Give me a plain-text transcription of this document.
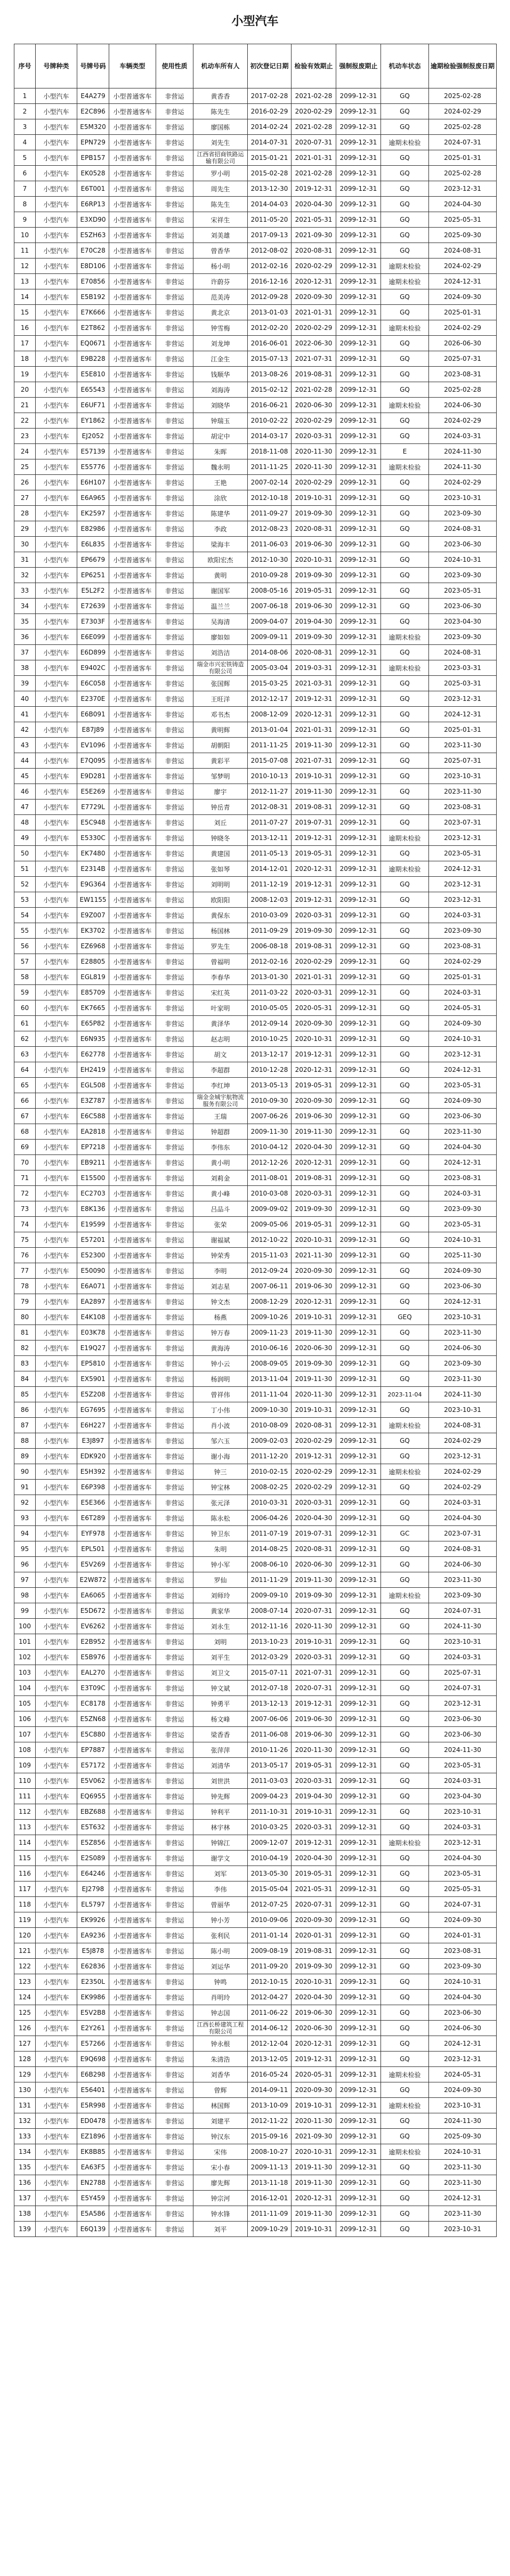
小型汽车
序号	号牌种类	号牌号码	车辆类型	使用性质	机动车所有人	初次登记日期	检验有效期止	强制报废期止	机动车状态	逾期检验强制报废日期
1	小型汽车	E4A279	小型普通客车	非营运	黄香香	2017-02-28	2021-02-28	2099-12-31	GQ	2025-02-28
2	小型汽车	E2C896	小型普通客车	非营运	陈先生	2016-02-29	2020-02-29	2099-12-31	GQ	2024-02-29
3	小型汽车	E5M320	小型普通客车	非营运	廖国栋	2014-02-24	2021-02-28	2099-12-31	GQ	2025-02-28
4	小型汽车	EPN729	小型普通客车	非营运	刘先生	2014-07-31	2020-07-31	2099-12-31	逾期未检验	2024-07-31
5	小型汽车	EPB157	小型普通客车	非营运	江西省招商铁路运输有限公司	2015-01-21	2021-01-31	2099-12-31	GQ	2025-01-31
6	小型汽车	EK0528	小型普通客车	非营运	罗小明	2015-02-28	2021-02-28	2099-12-31	GQ	2025-02-28
7	小型汽车	E6T001	小型普通客车	非营运	周先生	2013-12-30	2019-12-31	2099-12-31	GQ	2023-12-31
8	小型汽车	E6RP13	小型普通客车	非营运	陈先生	2014-04-03	2020-04-30	2099-12-31	GQ	2024-04-30
9	小型汽车	E3XD90	小型普通客车	非营运	宋祥生	2011-05-20	2021-05-31	2099-12-31	GQ	2025-05-31
10	小型汽车	E5ZH63	小型普通客车	非营运	刘美雄	2017-09-13	2021-09-30	2099-12-31	GQ	2025-09-30
11	小型汽车	E70C28	小型普通客车	非营运	曾香华	2012-08-02	2020-08-31	2099-12-31	GQ	2024-08-31
12	小型汽车	E8D106	小型普通客车	非营运	杨小明	2012-02-16	2020-02-29	2099-12-31	逾期未检验	2024-02-29
13	小型汽车	E70856	小型普通客车	非营运	许蔚芬	2016-12-16	2020-12-31	2099-12-31	逾期未检验	2024-12-31
14	小型汽车	E5B192	小型普通客车	非营运	范美涛	2012-09-28	2020-09-30	2099-12-31	GQ	2024-09-30
15	小型汽车	E7K666	小型普通客车	非营运	黄北京	2013-01-03	2021-01-31	2099-12-31	GQ	2025-01-31
16	小型汽车	E2T862	小型普通客车	非营运	钟雪梅	2012-02-20	2020-02-29	2099-12-31	逾期未检验	2024-02-29
17	小型汽车	EQ0671	小型普通客车	非营运	刘龙坤	2016-06-01	2022-06-30	2099-12-31	GQ	2026-06-30
18	小型汽车	E9B228	小型普通客车	非营运	江金生	2015-07-13	2021-07-31	2099-12-31	GQ	2025-07-31
19	小型汽车	E5E810	小型普通客车	非营运	钱顺华	2013-08-26	2019-08-31	2099-12-31	GQ	2023-08-31
20	小型汽车	E65543	小型普通客车	非营运	刘海涛	2015-02-12	2021-02-28	2099-12-31	GQ	2025-02-28
21	小型汽车	E6UF71	小型普通客车	非营运	刘晓华	2016-06-21	2020-06-30	2099-12-31	逾期未检验	2024-06-30
22	小型汽车	EY1862	小型普通客车	非营运	钟瑞玉	2010-02-22	2020-02-29	2099-12-31	GQ	2024-02-29
23	小型汽车	EJ2052	小型普通客车	非营运	胡定中	2014-03-17	2020-03-31	2099-12-31	GQ	2024-03-31
24	小型汽车	E57139	小型普通客车	非营运	朱晖	2018-11-08	2020-11-30	2099-12-31	E	2024-11-30
25	小型汽车	E55776	小型普通客车	非营运	魏永明	2011-11-25	2020-11-30	2099-12-31	逾期未检验	2024-11-30
26	小型汽车	E6H107	小型普通客车	非营运	王艳	2007-02-14	2020-02-29	2099-12-31	GQ	2024-02-29
27	小型汽车	E6A965	小型普通客车	非营运	涂欣	2012-10-18	2019-10-31	2099-12-31	GQ	2023-10-31
28	小型汽车	EK2597	小型普通客车	非营运	陈建华	2011-09-27	2019-09-30	2099-12-31	GQ	2023-09-30
29	小型汽车	E82986	小型普通客车	非营运	李政	2012-08-23	2020-08-31	2099-12-31	GQ	2024-08-31
30	小型汽车	E6L835	小型普通客车	非营运	梁海丰	2011-06-03	2019-06-30	2099-12-31	GQ	2023-06-30
31	小型汽车	EP6679	小型普通客车	非营运	欧阳宏杰	2012-10-30	2020-10-31	2099-12-31	GQ	2024-10-31
32	小型汽车	EP6251	小型普通客车	非营运	黄明	2010-09-28	2019-09-30	2099-12-31	GQ	2023-09-30
33	小型汽车	E5L2F2	小型普通客车	非营运	谢国军	2008-05-16	2019-05-31	2099-12-31	GQ	2023-05-31
34	小型汽车	E72639	小型普通客车	非营运	温兰兰	2007-06-18	2019-06-30	2099-12-31	GQ	2023-06-30
35	小型汽车	E7303F	小型普通客车	非营运	吴海清	2009-04-07	2019-04-30	2099-12-31	GQ	2023-04-30
36	小型汽车	E6E099	小型普通客车	非营运	廖如如	2009-09-11	2019-09-30	2099-12-31	逾期未检验	2023-09-30
37	小型汽车	E6D899	小型普通客车	非营运	刘浩洁	2014-08-06	2020-08-31	2099-12-31	GQ	2024-08-31
38	小型汽车	E9402C	小型普通客车	非营运	瑞金市兴宏铁铸造有限公司	2005-03-04	2019-03-31	2099-12-31	逾期未检验	2023-03-31
39	小型汽车	E6C058	小型普通客车	非营运	张国辉	2015-03-25	2021-03-31	2099-12-31	GQ	2025-03-31
40	小型汽车	E2370E	小型普通客车	非营运	王旺洋	2012-12-17	2019-12-31	2099-12-31	GQ	2023-12-31
41	小型汽车	E6B091	小型普通客车	非营运	邓书杰	2008-12-09	2020-12-31	2099-12-31	GQ	2024-12-31
42	小型汽车	E87J89	小型普通客车	非营运	黄明辉	2013-01-04	2021-01-31	2099-12-31	GQ	2025-01-31
43	小型汽车	EV1096	小型普通客车	非营运	胡朝阳	2011-11-25	2019-11-30	2099-12-31	GQ	2023-11-30
44	小型汽车	E7Q095	小型普通客车	非营运	黄彩平	2015-07-08	2021-07-31	2099-12-31	GQ	2025-07-31
45	小型汽车	E9D281	小型普通客车	非营运	邹梦明	2010-10-13	2019-10-31	2099-12-31	GQ	2023-10-31
46	小型汽车	E5E269	小型普通客车	非营运	廖宇	2012-11-27	2019-11-30	2099-12-31	GQ	2023-11-30
47	小型汽车	E7729L	小型普通客车	非营运	钟岳青	2012-08-31	2019-08-31	2099-12-31	GQ	2023-08-31
48	小型汽车	E5C948	小型普通客车	非营运	刘丘	2011-07-27	2019-07-31	2099-12-31	GQ	2023-07-31
49	小型汽车	E5330C	小型普通客车	非营运	钟晓冬	2013-12-11	2019-12-31	2099-12-31	逾期未检验	2023-12-31
50	小型汽车	EK7480	小型普通客车	非营运	黄建国	2011-05-13	2019-05-31	2099-12-31	GQ	2023-05-31
51	小型汽车	E2314B	小型普通客车	非营运	张如琴	2014-12-01	2020-12-31	2099-12-31	逾期未检验	2024-12-31
52	小型汽车	E9G364	小型普通客车	非营运	刘明明	2011-12-19	2019-12-31	2099-12-31	GQ	2023-12-31
53	小型汽车	EW1155	小型普通客车	非营运	欧阳阳	2008-12-03	2019-12-31	2099-12-31	GQ	2023-12-31
54	小型汽车	E9Z007	小型普通客车	非营运	黄保东	2010-03-09	2020-03-31	2099-12-31	GQ	2024-03-31
55	小型汽车	EK3702	小型普通客车	非营运	杨国林	2011-09-29	2019-09-30	2099-12-31	GQ	2023-09-30
56	小型汽车	EZ6968	小型普通客车	非营运	罗先生	2006-08-18	2019-08-31	2099-12-31	GQ	2023-08-31
57	小型汽车	E28805	小型普通客车	非营运	曾福明	2012-02-16	2020-02-29	2099-12-31	GQ	2024-02-29
58	小型汽车	EGL819	小型普通客车	非营运	李春华	2013-01-30	2021-01-31	2099-12-31	GQ	2025-01-31
59	小型汽车	E85709	小型普通客车	非营运	宋红英	2011-03-22	2020-03-31	2099-12-31	GQ	2024-03-31
60	小型汽车	EK7665	小型普通客车	非营运	叶家明	2010-05-05	2020-05-31	2099-12-31	GQ	2024-05-31
61	小型汽车	E65P82	小型普通客车	非营运	黄泽华	2012-09-14	2020-09-30	2099-12-31	GQ	2024-09-30
62	小型汽车	E6N935	小型普通客车	非营运	赵志明	2010-10-25	2020-10-31	2099-12-31	GQ	2024-10-31
63	小型汽车	E62778	小型普通客车	非营运	胡文	2013-12-17	2019-12-31	2099-12-31	GQ	2023-12-31
64	小型汽车	EH2419	小型普通客车	非营运	李超群	2010-12-28	2020-12-31	2099-12-31	GQ	2024-12-31
65	小型汽车	EGL508	小型普通客车	非营运	李红坤	2013-05-13	2019-05-31	2099-12-31	GQ	2023-05-31
66	小型汽车	E3Z787	小型普通客车	非营运	瑞金金城宇航物流服务有限公司	2010-09-30	2020-09-30	2099-12-31	GQ	2024-09-30
67	小型汽车	E6C588	小型普通客车	非营运	王瑞	2007-06-26	2019-06-30	2099-12-31	GQ	2023-06-30
68	小型汽车	EA2818	小型普通客车	非营运	钟超群	2009-11-30	2019-11-30	2099-12-31	GQ	2023-11-30
69	小型汽车	EP7218	小型普通客车	非营运	李伟东	2010-04-12	2020-04-30	2099-12-31	GQ	2024-04-30
70	小型汽车	EB9211	小型普通客车	非营运	黄小明	2012-12-26	2020-12-31	2099-12-31	GQ	2024-12-31
71	小型汽车	E15500	小型普通客车	非营运	刘莉金	2011-08-01	2019-08-31	2099-12-31	GQ	2023-08-31
72	小型汽车	EC2703	小型普通客车	非营运	黄小峰	2010-03-08	2020-03-31	2099-12-31	GQ	2024-03-31
73	小型汽车	E8K136	小型普通客车	非营运	吕品斗	2009-09-02	2019-09-30	2099-12-31	GQ	2023-09-30
74	小型汽车	E19599	小型普通客车	非营运	张荣	2009-05-06	2019-05-31	2099-12-31	GQ	2023-05-31
75	小型汽车	E57201	小型普通客车	非营运	谢福斌	2012-10-22	2020-10-31	2099-12-31	GQ	2024-10-31
76	小型汽车	E52300	小型普通客车	非营运	钟荣秀	2015-11-03	2021-11-30	2099-12-31	GQ	2025-11-30
77	小型汽车	E50090	小型普通客车	非营运	李明	2012-09-24	2020-09-30	2099-12-31	GQ	2024-09-30
78	小型汽车	E6A071	小型普通客车	非营运	刘志星	2007-06-11	2019-06-30	2099-12-31	GQ	2023-06-30
79	小型汽车	EA2897	小型普通客车	非营运	钟文杰	2008-12-29	2020-12-31	2099-12-31	GQ	2024-12-31
80	小型汽车	E4K108	小型普通客车	非营运	杨燕	2009-10-26	2019-10-31	2099-12-31	GEQ	2023-10-31
81	小型汽车	E03K78	小型普通客车	非营运	钟万春	2009-11-23	2019-11-30	2099-12-31	GQ	2023-11-30
82	小型汽车	E19Q27	小型普通客车	非营运	黄海涛	2010-06-16	2020-06-30	2099-12-31	GQ	2024-06-30
83	小型汽车	EP5810	小型普通客车	非营运	钟小云	2008-09-05	2019-09-30	2099-12-31	GQ	2023-09-30
84	小型汽车	EX5901	小型普通客车	非营运	杨润明	2013-11-04	2019-11-30	2099-12-31	GQ	2023-11-30
85	小型汽车	E5Z208	小型普通客车	非营运	曾祥伟	2011-11-04	2020-11-30	2099-12-31	2023-11-04	2024-11-30
86	小型汽车	EG7695	小型普通客车	非营运	丁小伟	2009-10-30	2019-10-31	2099-12-31	GQ	2023-10-31
87	小型汽车	E6H227	小型普通客车	非营运	肖小波	2010-08-09	2020-08-31	2099-12-31	逾期未检验	2024-08-31
88	小型汽车	E3J897	小型普通客车	非营运	邹六玉	2009-02-03	2020-02-29	2099-12-31	GQ	2024-02-29
89	小型汽车	EDK920	小型普通客车	非营运	谢小海	2011-12-20	2019-12-31	2099-12-31	GQ	2023-12-31
90	小型汽车	E5H392	小型普通客车	非营运	钟三	2010-02-15	2020-02-29	2099-12-31	逾期未检验	2024-02-29
91	小型汽车	E6P398	小型普通客车	非营运	钟宝林	2008-02-25	2020-02-29	2099-12-31	GQ	2024-02-29
92	小型汽车	E5E366	小型普通客车	非营运	张元泽	2010-03-31	2020-03-31	2099-12-31	GQ	2024-03-31
93	小型汽车	E6T289	小型普通客车	非营运	陈永松	2006-04-26	2020-04-30	2099-12-31	GQ	2024-04-30
94	小型汽车	EYF978	小型普通客车	非营运	钟卫东	2011-07-19	2019-07-31	2099-12-31	GC	2023-07-31
95	小型汽车	EPL501	小型普通客车	非营运	朱明	2014-08-25	2020-08-31	2099-12-31	GQ	2024-08-31
96	小型汽车	E5V269	小型普通客车	非营运	钟小军	2008-06-10	2020-06-30	2099-12-31	GQ	2024-06-30
97	小型汽车	E2W872	小型普通客车	非营运	罗仙	2011-11-29	2019-11-30	2099-12-31	GQ	2023-11-30
98	小型汽车	EA6065	小型普通客车	非营运	刘师玲	2009-09-10	2019-09-30	2099-12-31	逾期未检验	2023-09-30
99	小型汽车	E5D672	小型普通客车	非营运	黄家华	2008-07-14	2020-07-31	2099-12-31	GQ	2024-07-31
100	小型汽车	EV6262	小型普通客车	非营运	刘永生	2012-11-16	2020-11-30	2099-12-31	GQ	2024-11-30
101	小型汽车	E2B952	小型普通客车	非营运	刘明	2013-10-23	2019-10-31	2099-12-31	GQ	2023-10-31
102	小型汽车	E5B976	小型普通客车	非营运	刘平生	2012-03-29	2020-03-31	2099-12-31	GQ	2024-03-31
103	小型汽车	EAL270	小型普通客车	非营运	刘卫文	2015-07-11	2021-07-31	2099-12-31	GQ	2025-07-31
104	小型汽车	E3T09C	小型普通客车	非营运	钟文斌	2012-07-18	2020-07-31	2099-12-31	GQ	2024-07-31
105	小型汽车	EC8178	小型普通客车	非营运	钟勇平	2013-12-13	2019-12-31	2099-12-31	GQ	2023-12-31
106	小型汽车	E5ZN68	小型普通客车	非营运	杨文峰	2007-06-06	2019-06-30	2099-12-31	GQ	2023-06-30
107	小型汽车	E5C880	小型普通客车	非营运	梁香香	2011-06-08	2019-06-30	2099-12-31	GQ	2023-06-30
108	小型汽车	EP7887	小型普通客车	非营运	张萍萍	2010-11-26	2020-11-30	2099-12-31	GQ	2024-11-30
109	小型汽车	E57172	小型普通客车	非营运	刘清华	2013-05-17	2019-05-31	2099-12-31	GQ	2023-05-31
110	小型汽车	E5V062	小型普通客车	非营运	刘世洪	2011-03-03	2020-03-31	2099-12-31	GQ	2024-03-31
111	小型汽车	EQ6955	小型普通客车	非营运	钟先辉	2009-04-23	2019-04-30	2099-12-31	GQ	2023-04-30
112	小型汽车	EBZ688	小型普通客车	非营运	钟利平	2011-10-31	2019-10-31	2099-12-31	GQ	2023-10-31
113	小型汽车	E5T632	小型普通客车	非营运	林宇林	2010-03-25	2020-03-31	2099-12-31	GQ	2024-03-31
114	小型汽车	E5Z856	小型普通客车	非营运	钟锦江	2009-12-07	2019-12-31	2099-12-31	逾期未检验	2023-12-31
115	小型汽车	E2S089	小型普通客车	非营运	谢学文	2010-04-19	2020-04-30	2099-12-31	GQ	2024-04-30
116	小型汽车	E64246	小型普通客车	非营运	刘军	2013-05-30	2019-05-31	2099-12-31	GQ	2023-05-31
117	小型汽车	EJ2798	小型普通客车	非营运	李伟	2015-05-04	2021-05-31	2099-12-31	GQ	2025-05-31
118	小型汽车	EL5797	小型普通客车	非营运	曾丽华	2012-07-25	2020-07-31	2099-12-31	GQ	2024-07-31
119	小型汽车	EK9926	小型普通客车	非营运	钟小芳	2010-09-06	2020-09-30	2099-12-31	GQ	2024-09-30
120	小型汽车	EA9236	小型普通客车	非营运	张利民	2011-01-14	2020-01-31	2099-12-31	GQ	2024-01-31
121	小型汽车	E5J878	小型普通客车	非营运	陈小明	2009-08-19	2019-08-31	2099-12-31	GQ	2023-08-31
122	小型汽车	E62836	小型普通客车	非营运	刘运华	2011-09-20	2019-09-30	2099-12-31	GQ	2023-09-30
123	小型汽车	E2350L	小型普通客车	非营运	钟鸣	2012-10-15	2020-10-31	2099-12-31	GQ	2024-10-31
124	小型汽车	EK9986	小型普通客车	非营运	肖明玲	2012-04-27	2020-04-30	2099-12-31	GQ	2024-04-30
125	小型汽车	E5V2B8	小型普通客车	非营运	钟志国	2011-06-22	2019-06-30	2099-12-31	GQ	2023-06-30
126	小型汽车	E2Y261	小型普通客车	非营运	江西长桥建筑工程有限公司	2014-06-12	2020-06-30	2099-12-31	GQ	2024-06-30
127	小型汽车	E57266	小型普通客车	非营运	钟永根	2012-12-04	2020-12-31	2099-12-31	GQ	2024-12-31
128	小型汽车	E9Q698	小型普通客车	非营运	朱清浩	2013-12-05	2019-12-31	2099-12-31	GQ	2023-12-31
129	小型汽车	E6B298	小型普通客车	非营运	刘香华	2016-05-24	2020-05-31	2099-12-31	逾期未检验	2024-05-31
130	小型汽车	E56401	小型普通客车	非营运	曾辉	2014-09-11	2020-09-30	2099-12-31	GQ	2024-09-30
131	小型汽车	E5R998	小型普通客车	非营运	林国辉	2013-10-09	2019-10-31	2099-12-31	逾期未检验	2023-10-31
132	小型汽车	ED0478	小型普通客车	非营运	刘建平	2012-11-22	2020-11-30	2099-12-31	GQ	2024-11-30
133	小型汽车	EZ1896	小型普通客车	非营运	钟汉东	2015-09-16	2021-09-30	2099-12-31	GQ	2025-09-30
134	小型汽车	EK8B85	小型普通客车	非营运	宋伟	2008-10-27	2020-10-31	2099-12-31	逾期未检验	2024-10-31
135	小型汽车	EA63F5	小型普通客车	非营运	宋小春	2009-11-13	2019-11-30	2099-12-31	GQ	2023-11-30
136	小型汽车	EN2788	小型普通客车	非营运	廖先辉	2013-11-18	2019-11-30	2099-12-31	GQ	2023-11-30
137	小型汽车	E5Y459	小型普通客车	非营运	钟宗河	2016-12-01	2020-12-31	2099-12-31	GQ	2024-12-31
138	小型汽车	E5A586	小型普通客车	非营运	钟水锋	2011-11-09	2019-11-30	2099-12-31	GQ	2023-11-30
139	小型汽车	E6Q139	小型普通客车	非营运	刘平	2009-10-29	2019-10-31	2099-12-31	GQ	2023-10-31
